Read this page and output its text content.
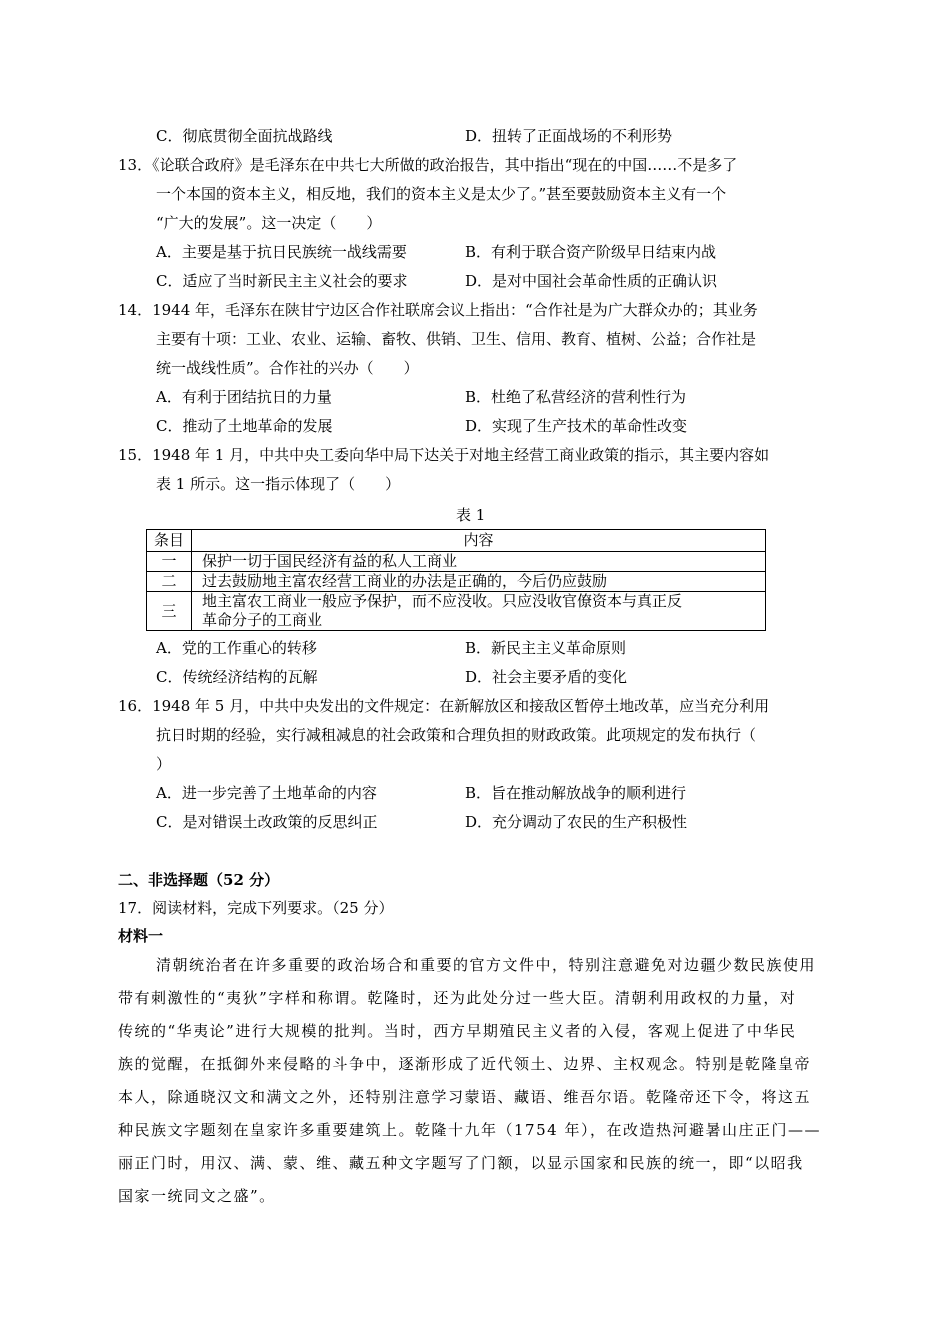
C．彻底贯彻全面抗战路线	D．扭转了正面战场的不利形势
13．《论联合政府》是毛泽东在中共七大所做的政治报告，其中指出“现在的中国……不是多了
一个本国的资本主义，相反地，我们的资本主义是太少了。”甚至要鼓励资本主义有一个
“广大的发展”。这一决定（　　）
A．主要是基于抗日民族统一战线需要	B．有利于联合资产阶级早日结束内战
C．适应了当时新民主主义社会的要求	D．是对中国社会革命性质的正确认识
14．1944 年，毛泽东在陕甘宁边区合作社联席会议上指出：“合作社是为广大群众办的；其业务
主要有十项：工业、农业、运输、畜牧、供销、卫生、信用、教育、植树、公益；合作社是
统一战线性质”。合作社的兴办（　　）
A．有利于团结抗日的力量	B．杜绝了私营经济的营利性行为
C．推动了土地革命的发展	D．实现了生产技术的革命性改变
15．1948 年 1 月，中共中央工委向华中局下达关于对地主经营工商业政策的指示，其主要内容如
表 1 所示。这一指示体现了（　　）
表 1
条目	内容
一	保护一切于国民经济有益的私人工商业
二	过去鼓励地主富农经营工商业的办法是正确的，今后仍应鼓励
三	地主富农工商业一般应予保护，而不应没收。只应没收官僚资本与真正反
革命分子的工商业
A．党的工作重心的转移	B．新民主主义革命原则
C．传统经济结构的瓦解	D．社会主要矛盾的变化
16．1948 年 5 月，中共中央发出的文件规定：在新解放区和接敌区暂停土地改革，应当充分利用
抗日时期的经验，实行减租减息的社会政策和合理负担的财政政策。此项规定的发布执行（
）
A．进一步完善了土地革命的内容	B．旨在推动解放战争的顺利进行
C．是对错误土改政策的反思纠正	D．充分调动了农民的生产积极性
二、非选择题（52 分）
17．阅读材料，完成下列要求。（25 分）
材料一
清朝统治者在许多重要的政治场合和重要的官方文件中，特别注意避免对边疆少数民族使用
带有刺激性的“夷狄”字样和称谓。乾隆时，还为此处分过一些大臣。清朝利用政权的力量，对
传统的“华夷论”进行大规模的批判。当时，西方早期殖民主义者的入侵，客观上促进了中华民
族的觉醒，在抵御外来侵略的斗争中，逐渐形成了近代领土、边界、主权观念。特别是乾隆皇帝
本人，除通晓汉文和满文之外，还特别注意学习蒙语、藏语、维吾尔语。乾隆帝还下令，将这五
种民族文字题刻在皇家许多重要建筑上。乾隆十九年（1754 年），在改造热河避暑山庄正门——
丽正门时，用汉、满、蒙、维、藏五种文字题写了门额，以显示国家和民族的统一，即“以昭我
国家一统同文之盛”。
